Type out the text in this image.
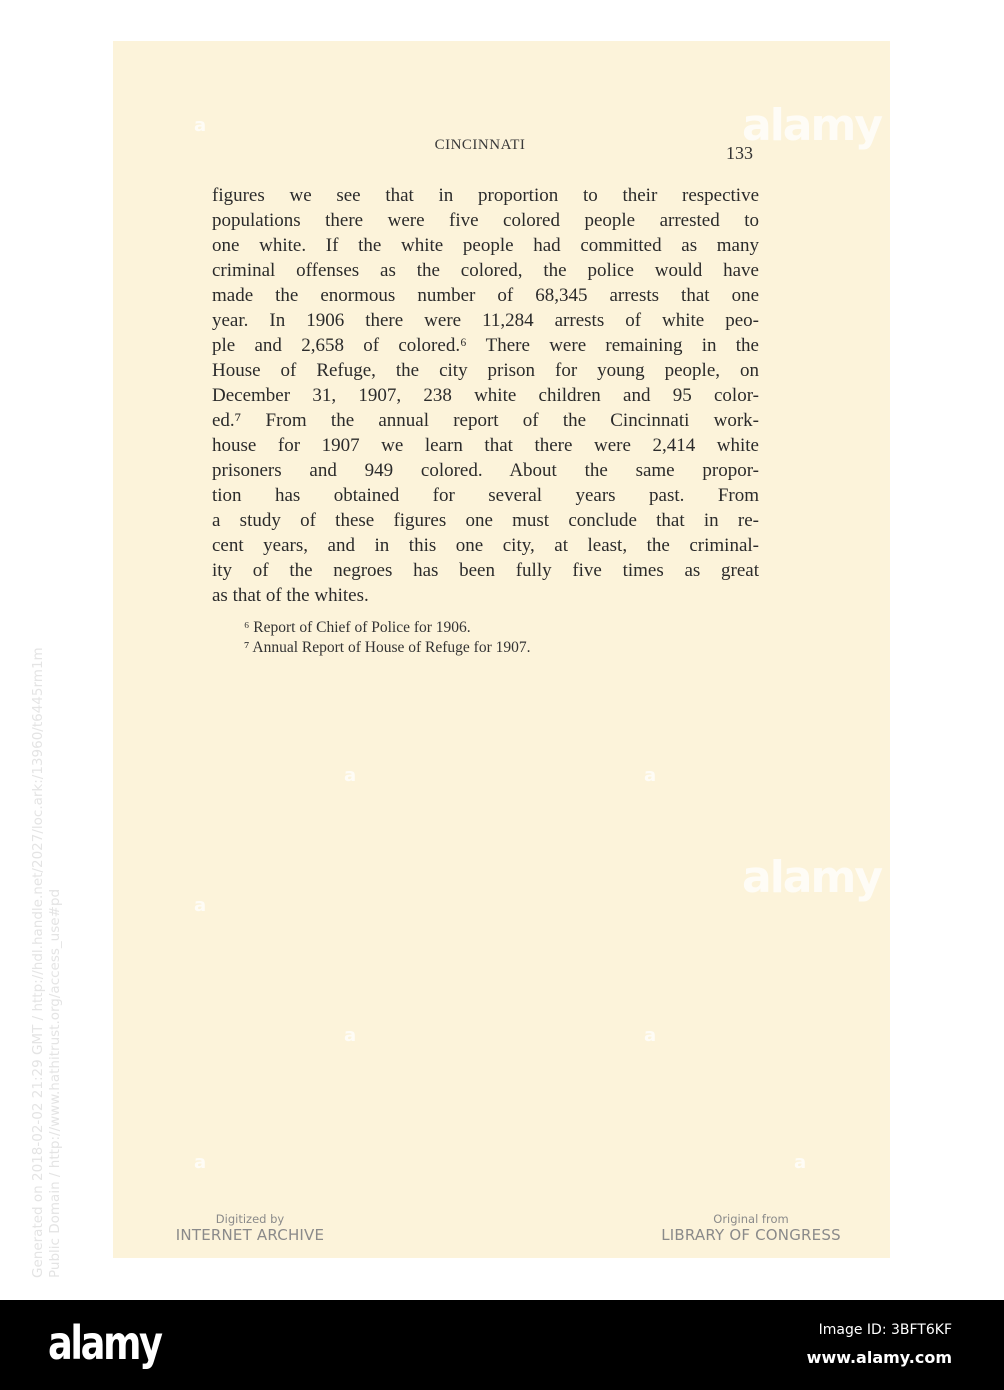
CINCINNATI	133
figures we see that in proportion to their respective
populations there were five colored people arrested to
one white. If the white people had committed as many
criminal offenses as the colored, the police would have
made the enormous number of 68,345 arrests that one
year. In 1906 there were 11,284 arrests of white peo-
ple and 2,658 of colored.⁶ There were remaining in the
House of Refuge, the city prison for young people, on
December 31, 1907, 238 white children and 95 color-
ed.⁷ From the annual report of the Cincinnati work-
house for 1907 we learn that there were 2,414 white
prisoners and 949 colored. About the same propor-
tion has obtained for several years past. From
a study of these figures one must conclude that in re-
cent years, and in this one city, at least, the criminal-
ity of the negroes has been fully five times as great
as that of the whites.
⁶ Report of Chief of Police for 1906.
⁷ Annual Report of House of Refuge for 1907.
Digitized by
INTERNET ARCHIVE
Original from
LIBRARY OF CONGRESS
Generated on 2018-02-02 21:29 GMT / http://hdl.handle.net/2027/loc.ark:/13960/t6445rm1m Public Domain / http://www.hathitrust.org/access_use#pd
alamy
alamy
a
a
a	a
a	a
a	a
alamy	Image ID: 3BFT6KF
www.alamy.com
